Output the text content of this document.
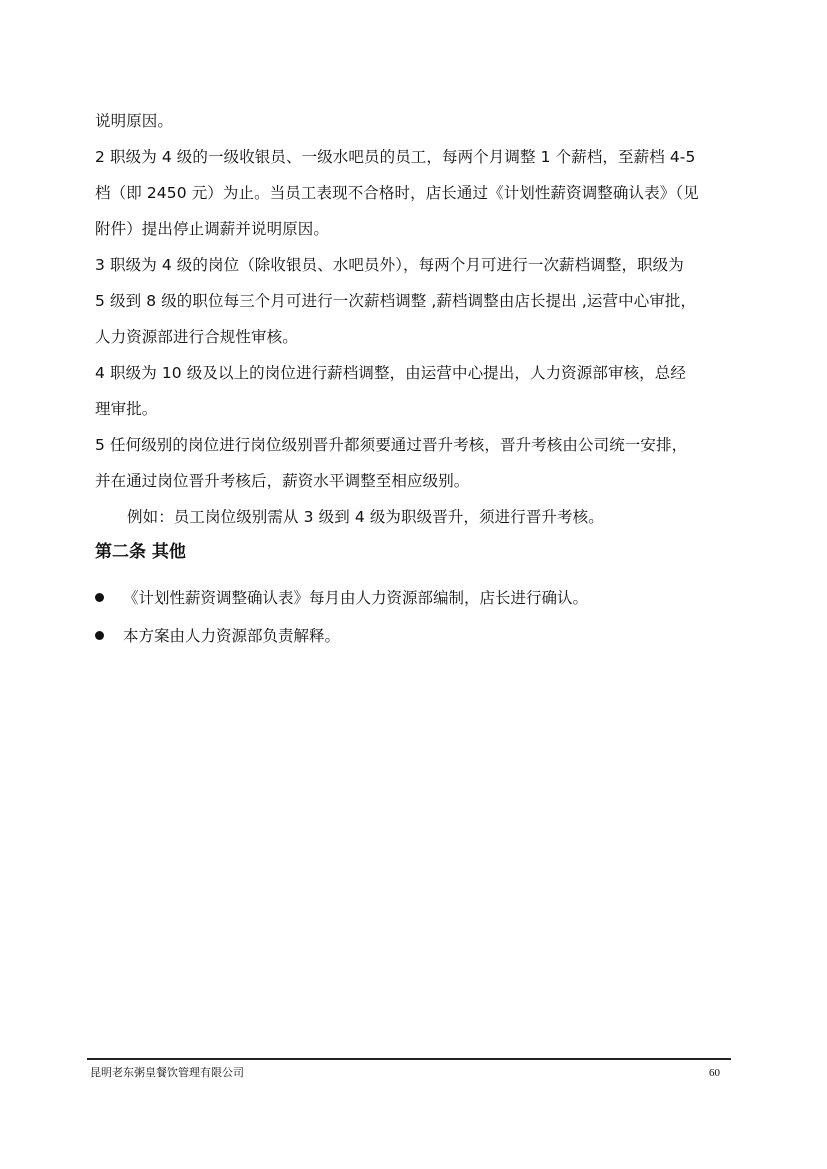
说明原因。
2 职级为 4 级的一级收银员、一级水吧员的员工，每两个月调整 1 个薪档，至薪档 4-5
档（即 2450 元）为止。当员工表现不合格时，店长通过《计划性薪资调整确认表》（见
附件）提出停止调薪并说明原因。
3 职级为 4 级的岗位（除收银员、水吧员外），每两个月可进行一次薪档调整，职级为
5 级到 8 级的职位每三个月可进行一次薪档调整 ,薪档调整由店长提出 ,运营中心审批，
人力资源部进行合规性审核。
4 职级为 10 级及以上的岗位进行薪档调整，由运营中心提出，人力资源部审核，总经
理审批。
5 任何级别的岗位进行岗位级别晋升都须要通过晋升考核，晋升考核由公司统一安排，
并在通过岗位晋升考核后，薪资水平调整至相应级别。
例如：员工岗位级别需从 3 级到 4 级为职级晋升，须进行晋升考核。
第二条 其他
《计划性薪资调整确认表》每月由人力资源部编制，店长进行确认。
本方案由人力资源部负责解释。
昆明老东粥皇餐饮管理有限公司	60
